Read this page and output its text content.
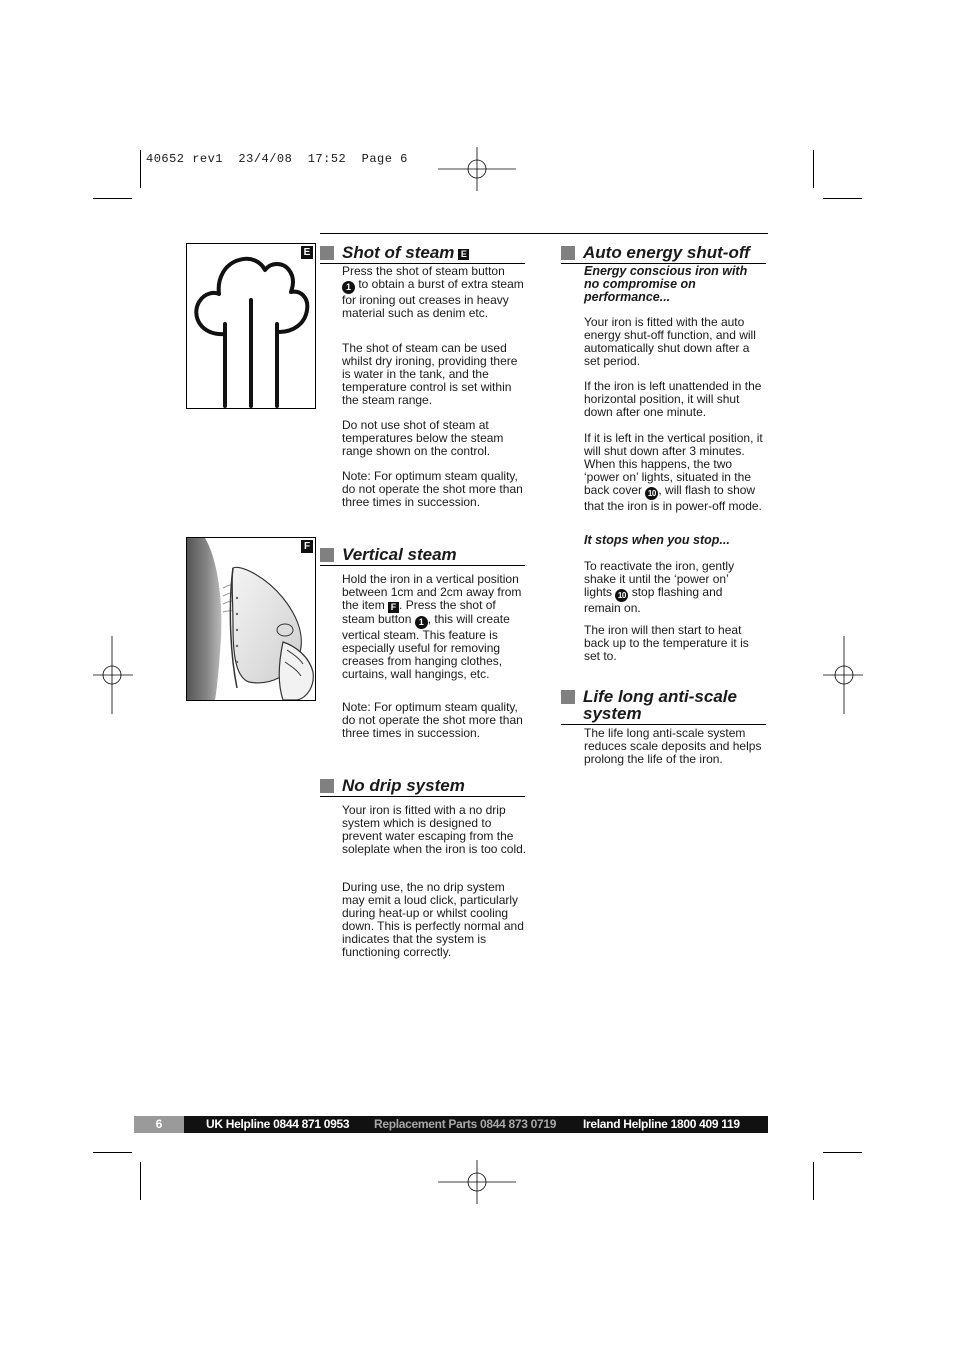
40652 rev1  23/4/08  17:52  Page 6
E
F
Shot of steam E

Press the shot of steam button
1 to obtain a burst of extra steam for ironing out creases in heavy material such as denim etc.

The shot of steam can be used whilst dry ironing, providing there is water in the tank, and the temperature control is set within the steam range.

Do not use shot of steam at temperatures below the steam range shown on the control.

Note: For optimum steam quality, do not operate the shot more than three times in succession.

Vertical steam

Hold the iron in a vertical position between 1cm and 2cm away from the item F . Press the shot of steam button 1 , this will create vertical steam. This feature is especially useful for removing creases from hanging clothes, curtains, wall hangings, etc.

Note: For optimum steam quality, do not operate the shot more than three times in succession.

No drip system

Your iron is fitted with a no drip system which is designed to prevent water escaping from the soleplate when the iron is too cold.

During use, the no drip system may emit a loud click, particularly during heat-up or whilst cooling down. This is perfectly normal and indicates that the system is functioning correctly.

Auto energy shut-off

Energy conscious iron with no compromise on performance...

Your iron is fitted with the auto energy shut-off function, and will automatically shut down after a set period.

If the iron is left unattended in the horizontal position, it will shut down after one minute.

If it is left in the vertical position, it will shut down after 3 minutes. When this happens, the two ‘power on’ lights, situated in the back cover 10 , will flash to show that the iron is in power-off mode.

It stops when you stop...

To reactivate the iron, gently shake it until the ‘power on’ lights 10 stop flashing and remain on.

The iron will then start to heat back up to the temperature it is set to.

Life long anti-scale
system

The life long anti-scale system reduces scale deposits and helps prolong the life of the iron.

6	UK Helpline 0844 871 0953 Replacement Parts 0844 873 0719 Ireland Helpline 1800 409 119
